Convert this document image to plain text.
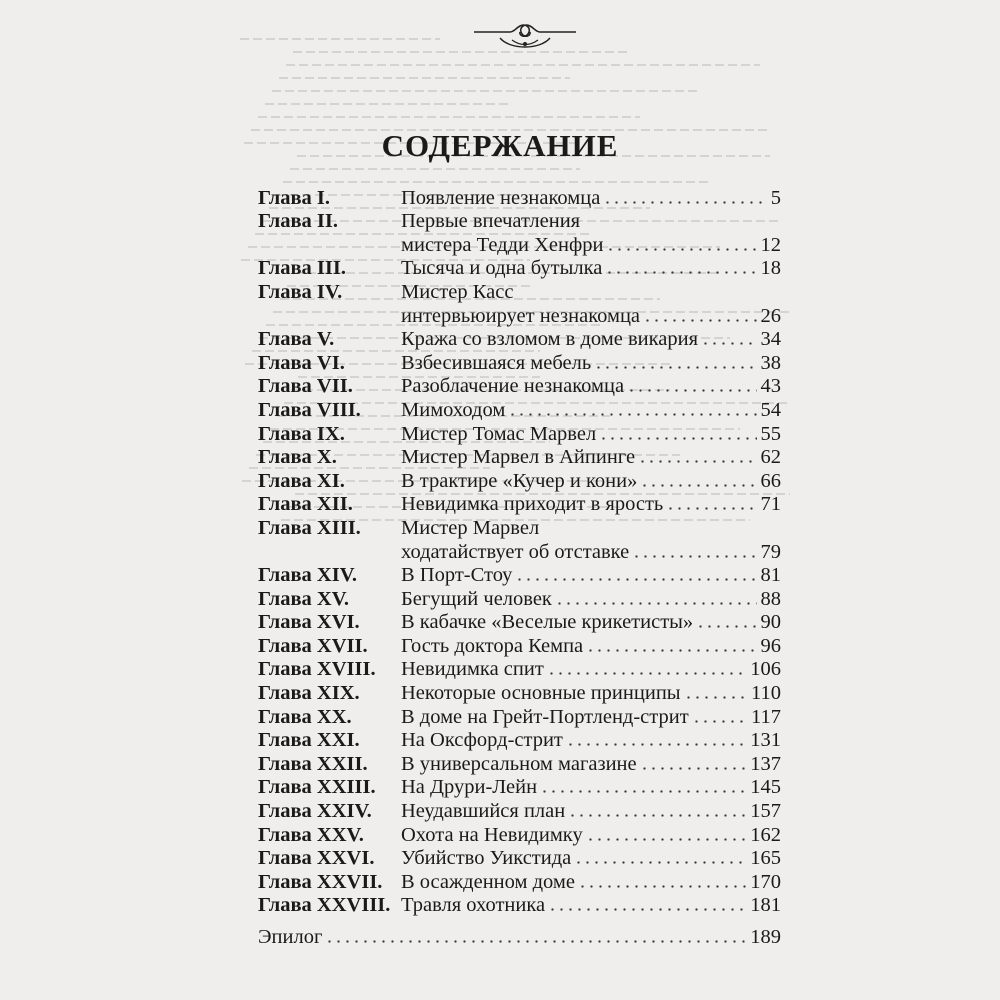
СОДЕРЖАНИЕ
Глава I.	Появление незнакомца	5
Глава II.	Первые впечатления
мистера Тедди Хенфри	12
Глава III.	Тысяча и одна бутылка	18
Глава IV.	Мистер Касс
интервьюирует незнакомца	26
Глава V.	Кража со взломом в доме викария	34
Глава VI.	Взбесившаяся мебель	38
Глава VII.	Разоблачение незнакомца	43
Глава VIII.	Мимоходом	54
Глава IX.	Мистер Томас Марвел	55
Глава X.	Мистер Марвел в Айпинге	62
Глава XI.	В трактире «Кучер и кони»	66
Глава XII.	Невидимка приходит в ярость	71
Глава XIII.	Мистер Марвел
ходатайствует об отставке	79
Глава XIV.	В Порт-Стоу	81
Глава XV.	Бегущий человек	88
Глава XVI.	В кабачке «Веселые крикетисты»	90
Глава XVII.	Гость доктора Кемпа	96
Глава XVIII.	Невидимка спит	106
Глава XIX.	Некоторые основные принципы	110
Глава XX.	В доме на Грейт-Портленд-стрит	117
Глава XXI.	На Оксфорд-стрит	131
Глава XXII.	В универсальном магазине	137
Глава XXIII.	На Друри-Лейн	145
Глава XXIV.	Неудавшийся план	157
Глава XXV.	Охота на Невидимку	162
Глава XXVI.	Убийство Уикстида	165
Глава XXVII. В осажденном доме	170
Глава XXVIII. Травля охотника	181
Эпилог	189
